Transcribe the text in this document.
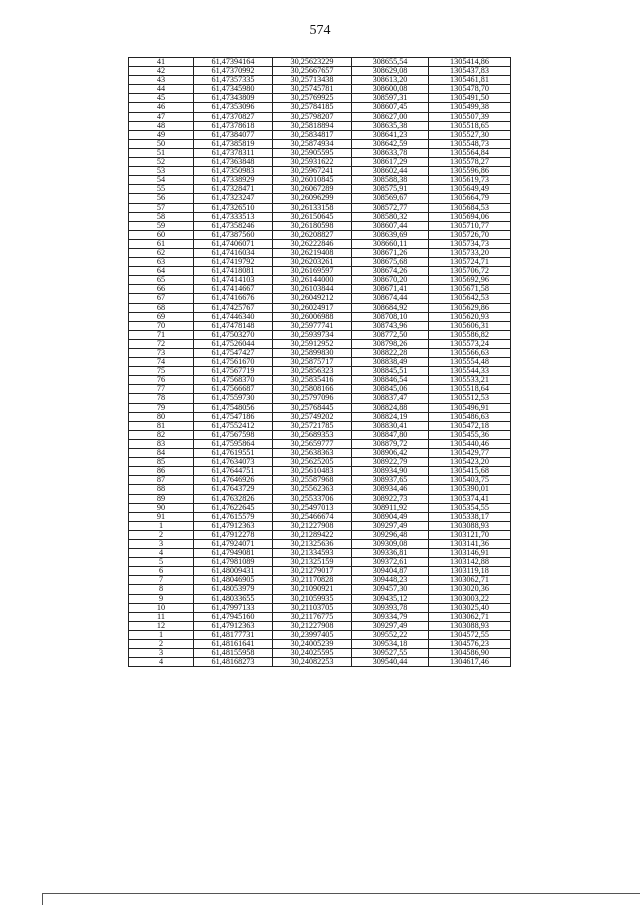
574
41	61,47394164	30,25623229	308655,54	1305414,86
42	61,47370992	30,25667657	308629,08	1305437,83
43	61,47357335	30,25713438	308613,20	1305461,81
44	61,47345980	30,25745781	308600,08	1305478,70
45	61,47343809	30,25769925	308597,31	1305491,50
46	61,47353096	30,25784185	308607,45	1305499,38
47	61,47370827	30,25798207	308627,00	1305507,39
48	61,47378618	30,25818894	308635,38	1305518,65
49	61,47384077	30,25834817	308641,23	1305527,30
50	61,47385819	30,25874934	308642,59	1305548,73
51	61,47378311	30,25905595	308633,78	1305564,84
52	61,47363848	30,25931622	308617,29	1305578,27
53	61,47350983	30,25967241	308602,44	1305596,86
54	61,47338929	30,26010845	308588,38	1305619,73
55	61,47328471	30,26067289	308575,91	1305649,49
56	61,47323247	30,26096299	308569,67	1305664,79
57	61,47326510	30,26133158	308572,77	1305684,53
58	61,47333513	30,26150645	308580,32	1305694,06
59	61,47358246	30,26180598	308607,44	1305710,77
60	61,47387560	30,26208827	308639,69	1305726,70
61	61,47406071	30,26222846	308660,11	1305734,73
62	61,47416034	30,26219408	308671,26	1305733,20
63	61,47419792	30,26203261	308675,68	1305724,71
64	61,47418081	30,26169597	308674,26	1305706,72
65	61,47414103	30,26144000	308670,20	1305692,96
66	61,47414667	30,26103844	308671,41	1305671,58
67	61,47416676	30,26049212	308674,44	1305642,53
68	61,47425767	30,26024917	308684,92	1305629,86
69	61,47446340	30,26006988	308708,10	1305620,93
70	61,47478148	30,25977741	308743,96	1305606,31
71	61,47503270	30,25939734	308772,50	1305586,82
72	61,47526044	30,25912952	308798,26	1305573,24
73	61,47547427	30,25899830	308822,28	1305566,63
74	61,47561670	30,25875717	308838,49	1305554,48
75	61,47567719	30,25856323	308845,51	1305544,33
76	61,47568370	30,25835416	308846,54	1305533,21
77	61,47566687	30,25808166	308845,06	1305518,64
78	61,47559730	30,25797096	308837,47	1305512,53
79	61,47548056	30,25768445	308824,88	1305496,91
80	61,47547186	30,25749202	308824,19	1305486,63
81	61,47552412	30,25721785	308830,41	1305472,18
82	61,47567598	30,25689353	308847,80	1305455,36
83	61,47595864	30,25659777	308879,72	1305440,46
84	61,47619551	30,25638363	308906,42	1305429,77
85	61,47634073	30,25625205	308922,79	1305423,20
86	61,47644751	30,25610483	308934,90	1305415,68
87	61,47646926	30,25587968	308937,65	1305403,75
88	61,47643729	30,25562363	308934,46	1305390,01
89	61,47632826	30,25533706	308922,73	1305374,41
90	61,47622645	30,25497013	308911,92	1305354,55
91	61,47615579	30,25466674	308904,49	1305338,17
1	61,47912363	30,21227908	309297,49	1303088,93
2	61,47912278	30,21289422	309296,48	1303121,70
3	61,47924071	30,21325636	309309,08	1303141,36
4	61,47949081	30,21334593	309336,81	1303146,91
5	61,47981089	30,21325159	309372,61	1303142,88
6	61,48009431	30,21279017	309404,87	1303119,18
7	61,48046905	30,21170828	309448,23	1303062,71
8	61,48053979	30,21090921	309457,30	1303020,36
9	61,48033655	30,21059935	309435,12	1303003,22
10	61,47997133	30,21103705	309393,78	1303025,40
11	61,47945160	30,21176775	309334,79	1303062,71
12	61,47912363	30,21227908	309297,49	1303088,93
1	61,48177731	30,23997405	309552,22	1304572,55
2	61,48161641	30,24005239	309534,18	1304576,23
3	61,48155958	30,24025595	309527,55	1304586,90
4	61,48168273	30,24082253	309540,44	1304617,46
